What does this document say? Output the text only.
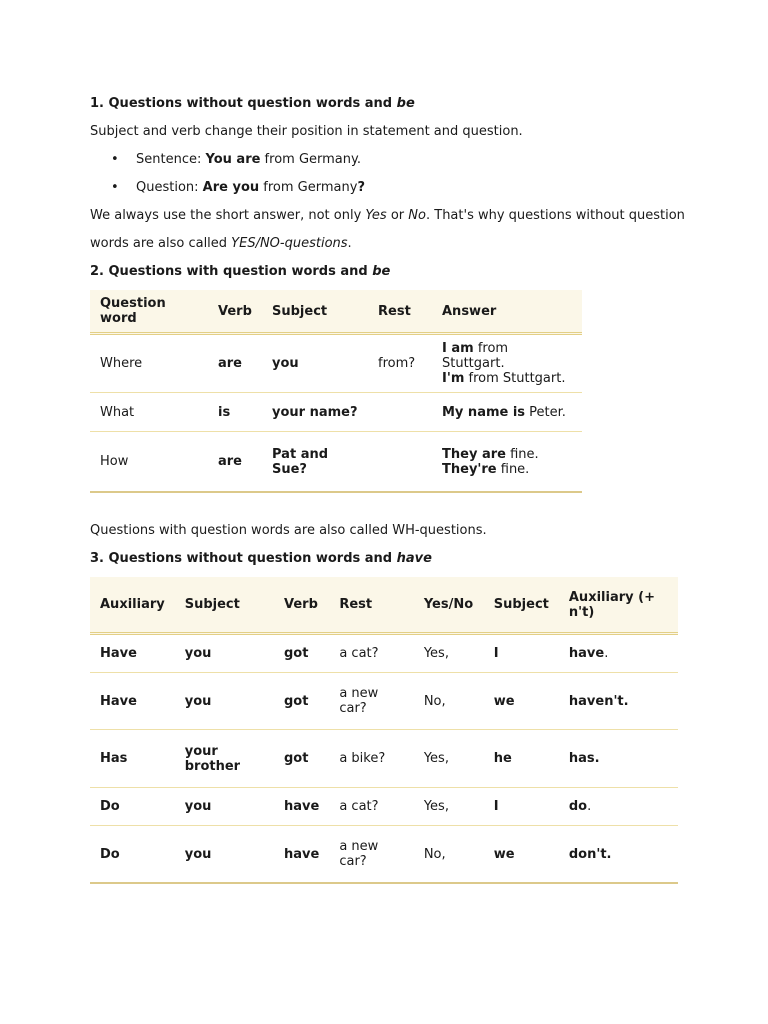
1. Questions without question words and be

Subject and verb change their position in statement and question.

• Sentence: You are from Germany.
• Question: Are you from Germany?

We always use the short answer, not only Yes or No. That's why questions without question words are also called YES/NO-questions.

2. Questions with question words and be

Question word	Verb	Subject	Rest	Answer
Where	are	you	from?	I am from Stuttgart.
I'm from Stuttgart.

What	is	your name?		My name is Peter.
How	are	Pat and Sue?		They are fine.
They're fine.

Questions with question words are also called WH-questions.

3. Questions without question words and have

Auxiliary	Subject	Verb	Rest	Yes/No	Subject	Auxiliary (+ n't)
Have	you	got	a cat?	Yes,	I	have.
Have	you	got	a new car?	No,	we	haven't.
Has	your brother	got	a bike?	Yes,	he	has.
Do	you	have	a cat?	Yes,	I	do.
Do	you	have	a new car?	No,	we	don't.
